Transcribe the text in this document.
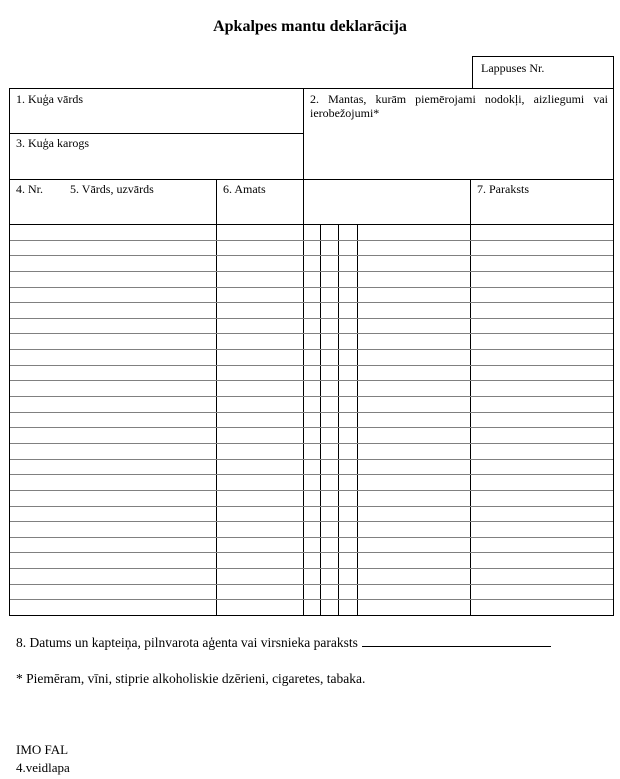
Apkalpes mantu deklarācija
Lappuses Nr.
1. Kuģa vārds
3. Kuģa karogs
2. Mantas, kurām piemērojami nodokļi, aizliegumi vai ierobežojumi*
4. Nr. 5. Vārds, uzvārds	6. Amats	7. Paraksts
8. Datums un kapteiņa, pilnvarota aģenta vai virsnieka paraksts
* Piemēram, vīni, stiprie alkoholiskie dzērieni, cigaretes, tabaka.
IMO FAL
4.veidlapa
